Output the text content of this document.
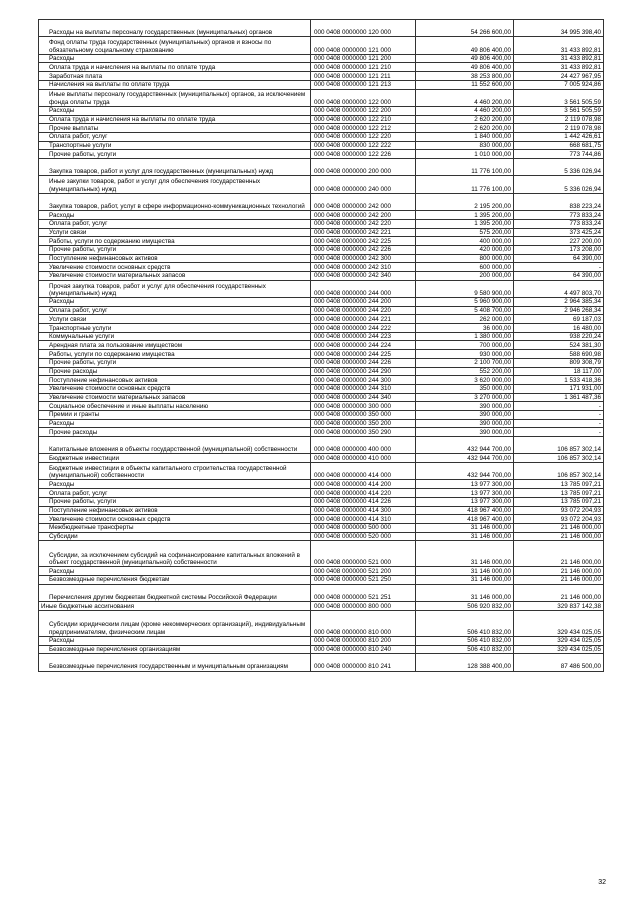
Расходы на выплаты персоналу государственных (муниципальных) органов	000 0408 0000000 120 000	54 266 600,00	34 995 398,40
Фонд оплаты труда государственных (муниципальных) органов и взносы по обязательному социальному страхованию	000 0408 0000000 121 000	49 806 400,00	31 433 892,81
Расходы	000 0408 0000000 121 200	49 806 400,00	31 433 892,81
Оплата труда и начисления на выплаты по оплате труда	000 0408 0000000 121 210	49 806 400,00	31 433 892,81
Заработная плата	000 0408 0000000 121 211	38 253 800,00	24 427 967,95
Начисления на выплаты по оплате труда	000 0408 0000000 121 213	11 552 600,00	7 005 924,86
Иные выплаты персоналу государственных (муниципальных) органов, за исключением фонда оплаты труда	000 0408 0000000 122 000	4 460 200,00	3 561 505,59
Расходы	000 0408 0000000 122 200	4 460 200,00	3 561 505,59
Оплата труда и начисления на выплаты по оплате труда	000 0408 0000000 122 210	2 620 200,00	2 119 078,98
Прочие выплаты	000 0408 0000000 122 212	2 620 200,00	2 119 078,98
Оплата работ, услуг	000 0408 0000000 122 220	1 840 000,00	1 442 426,61
Транспортные услуги	000 0408 0000000 122 222	830 000,00	668 681,75
Прочие работы, услуги	000 0408 0000000 122 226	1 010 000,00	773 744,86
Закупка товаров, работ и услуг для государственных (муниципальных) нужд	000 0408 0000000 200 000	11 776 100,00	5 336 026,94
Иные закупки товаров, работ и услуг для обеспечения государственных (муниципальных) нужд	000 0408 0000000 240 000	11 776 100,00	5 336 026,94
Закупка товаров, работ, услуг в сфере информационно-коммуникационных технологий	000 0408 0000000 242 000	2 195 200,00	838 223,24
Расходы	000 0408 0000000 242 200	1 395 200,00	773 833,24
Оплата работ, услуг	000 0408 0000000 242 220	1 395 200,00	773 833,24
Услуги связи	000 0408 0000000 242 221	575 200,00	373 425,24
Работы, услуги по содержанию имущества	000 0408 0000000 242 225	400 000,00	227 200,00
Прочие работы, услуги	000 0408 0000000 242 226	420 000,00	173 208,00
Поступление нефинансовых активов	000 0408 0000000 242 300	800 000,00	64 390,00
Увеличение стоимости основных средств	000 0408 0000000 242 310	600 000,00	-
Увеличение стоимости материальных запасов	000 0408 0000000 242 340	200 000,00	64 390,00
Прочая закупка товаров, работ и услуг для обеспечения государственных (муниципальных) нужд	000 0408 0000000 244 000	9 580 900,00	4 497 803,70
Расходы	000 0408 0000000 244 200	5 960 900,00	2 964 385,34
Оплата работ, услуг	000 0408 0000000 244 220	5 408 700,00	2 946 268,34
Услуги связи	000 0408 0000000 244 221	262 000,00	69 187,03
Транспортные услуги	000 0408 0000000 244 222	36 000,00	16 480,00
Коммунальные услуги	000 0408 0000000 244 223	1 380 000,00	938 220,24
Арендная плата за пользование имуществом	000 0408 0000000 244 224	700 000,00	524 381,30
Работы, услуги по содержанию имущества	000 0408 0000000 244 225	930 000,00	588 690,98
Прочие работы, услуги	000 0408 0000000 244 226	2 100 700,00	809 308,79
Прочие расходы	000 0408 0000000 244 290	552 200,00	18 117,00
Поступление нефинансовых активов	000 0408 0000000 244 300	3 620 000,00	1 533 418,36
Увеличение стоимости основных средств	000 0408 0000000 244 310	350 000,00	171 931,00
Увеличение стоимости материальных запасов	000 0408 0000000 244 340	3 270 000,00	1 361 487,36
Социальное обеспечение и иные выплаты населению	000 0408 0000000 300 000	390 000,00	-
Премии и гранты	000 0408 0000000 350 000	390 000,00	-
Расходы	000 0408 0000000 350 200	390 000,00	-
Прочие расходы	000 0408 0000000 350 290	390 000,00	-
Капитальные вложения в объекты государственной (муниципальной) собственности	000 0408 0000000 400 000	432 944 700,00	106 857 302,14
Бюджетные инвестиции	000 0408 0000000 410 000	432 944 700,00	106 857 302,14
Бюджетные инвестиции в объекты капитального строительства государственной (муниципальной) собственности	000 0408 0000000 414 000	432 944 700,00	106 857 302,14
Расходы	000 0408 0000000 414 200	13 977 300,00	13 785 097,21
Оплата работ, услуг	000 0408 0000000 414 220	13 977 300,00	13 785 097,21
Прочие работы, услуги	000 0408 0000000 414 226	13 977 300,00	13 785 097,21
Поступление нефинансовых активов	000 0408 0000000 414 300	418 967 400,00	93 072 204,93
Увеличение стоимости основных средств	000 0408 0000000 414 310	418 967 400,00	93 072 204,93
Межбюджетные трансферты	000 0408 0000000 500 000	31 146 000,00	21 146 000,00
Субсидии	000 0408 0000000 520 000	31 146 000,00	21 146 000,00
Субсидии, за исключением субсидий на софинансирование капитальных вложений в объект государственной (муниципальной) собственности	000 0408 0000000 521 000	31 146 000,00	21 146 000,00
Расходы	000 0408 0000000 521 200	31 146 000,00	21 146 000,00
Безвозмездные перечисления бюджетам	000 0408 0000000 521 250	31 146 000,00	21 146 000,00
Перечисления другим бюджетам бюджетной системы Российской Федерации	000 0408 0000000 521 251	31 146 000,00	21 146 000,00
Иные бюджетные ассигнования	000 0408 0000000 800 000	506 920 832,00	329 837 142,38
Субсидии юридическим лицам (кроме некоммерческих организаций), индивидуальным предпринимателям, физическим лицам	000 0408 0000000 810 000	506 410 832,00	329 434 025,05
Расходы	000 0408 0000000 810 200	506 410 832,00	329 434 025,05
Безвозмездные перечисления организациям	000 0408 0000000 810 240	506 410 832,00	329 434 025,05
Безвозмездные перечисления государственным и муниципальным организациям	000 0408 0000000 810 241	128 388 400,00	87 486 500,00
32
